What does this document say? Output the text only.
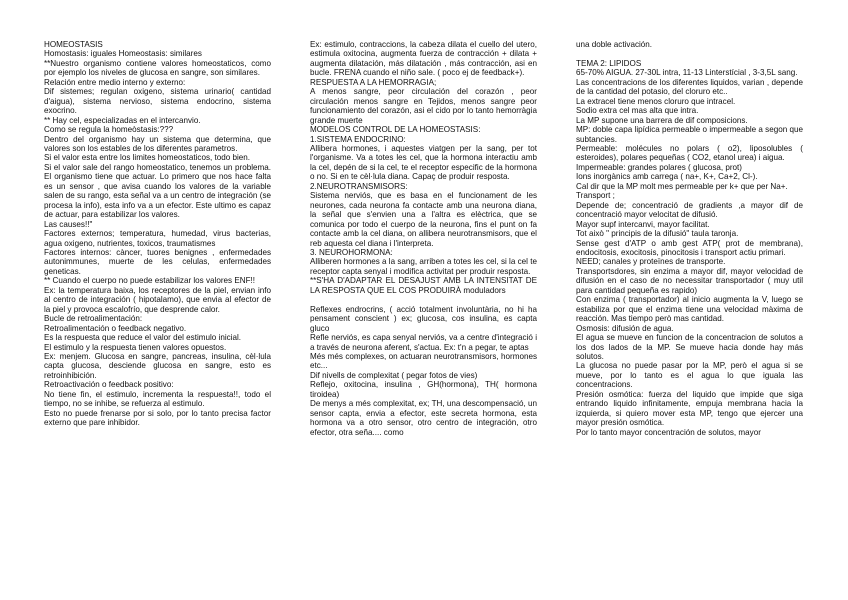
HOMEOSTASIS

Homostasis: iguales Homeostasis: similares

**Nuestro organismo contiene valores homeostaticos, como por ejemplo los niveles de glucosa en sangre, son similares.

Relación entre medio interno y externo:

Dif sistemes; regulan oxigeno, sistema urinario( cantidad d'aigua), sistema nervioso, sistema endocrino, sistema exocrino.

** Hay cel, especializadas en el intercanvio.

Como se regula la homeòstasis:???

Dentro del organismo hay un sistema que determina, que valores son los estables de los diferentes parametros.

Si el valor esta entre los limites homeostaticos, todo bien.

Si el valor sale del rango homeostatico, tenemos un problema. El organismo tiene que actuar. Lo primero que nos hace falta es un sensor , que avisa cuando los valores de la variable salen de su rango, esta señal va a un centro de integración (se procesa la info), esta info va a un efector. Este ultimo es capaz de actuar, para estabilizar los valores.

Las causes!!"

Factores externos; temperatura, humedad, virus bacterias, agua oxigeno, nutrientes, toxicos, traumatismes

Factores internos: càncer, tuores benignes , enfermedades autonimmunes, muerte de les celulas, enfermedades geneticas.

** Cuando el cuerpo no puede estabilizar los valores ENF!!

Ex: la temperatura baixa, los receptores de la piel, envian info al centro de integración ( hipotalamo), que envia al efector de la piel y provoca escalofrío, que desprende calor.

Bucle de retroalimentación:

Retroalimentación o feedback negativo.

Es la respuesta que reduce el valor del estimulo inicial.

El estimulo y la respuesta tienen valores opuestos.

Ex: menjem. Glucosa en sangre, pancreas, insulina, cèl·lula capta glucosa, desciende glucosa en sangre, esto es retroinhibición.

Retroactivación o feedback positivo:

No tiene fin, el estimulo, incrementa la respuesta!!, todo el tiempo, no se inhibe, se refuerza al estimulo.

Esto no puede frenarse por si solo, por lo tanto precisa factor externo que pare inhibidor.

Ex: estimulo, contraccions, la cabeza dilata el cuello del utero, estimula oxitocina, augmenta fuerza de contracción + dilata + augmenta dilatación, más dilatación , más contracción, asi en bucle. FRENA cuando el niño sale. ( poco ej de feedback+).

RESPUESTA A LA HEMORRAGIA;

A menos sangre, peor circulación del corazón , peor circulación menos sangre en Tejidos, menos sangre peor funcionamiento del corazón, asi el cido por lo tanto hemorràgia grande muerte

MODELOS CONTROL DE LA HOMEOSTASIS:

1.SISTEMA ENDOCRINO:

Allibera hormones, i aquestes viatgen per la sang, per tot l'organisme. Va a totes les cel, que la hormona interactiu amb la cel, depén de si la cel, te el receptor especific de la hormona o no. Si en te cèl·lula diana. Capaç de produir resposta.

2.NEUROTRANSMISORS:

Sistema nerviós, que es basa en el funcionament de les neurones, cada neurona fa contacte amb una neurona diana, la señal que s'envien una a l'altra es elèctrica, que se comunica por todo el cuerpo de la neurona, fins el punt on fa contacte amb la cel diana, on allibera neurotransmisors, que el reb aquesta cel diana i l'interpreta.

3. NEUROHORMONA:

Alliberen hormones a la sang, arriben a totes les cel, si la cel te receptor capta senyal i modifica activitat per produir resposta.

**S'HA D'ADAPTAR EL DESAJUST AMB LA INTENSITAT DE LA RESPOSTA QUE EL COS PRODUIRÀ moduladors

Reflexes endrocrins, ( acció totalment involuntària, no hi ha pensament conscient ) ex; glucosa, cos insulina, es capta gluco

Refle nerviós, es capa senyal nerviós, va a centre d'integració i a través de neurona aferent, s'actua. Ex: t'n a pegar, te aptas

Més més complexes, on actuaran neurotransmisors, hormones etc...

Dif nivells de complexitat ( pegar fotos de vies)

Reflejo, oxitocina, insulina , GH(hormona), TH( hormona tiroidea)

De menys a més complexitat, ex; TH, una descompensació, un sensor capta, envia a efector, este secreta hormona, esta hormona va a otro sensor, otro centro de integración, otro efector, otra seña.... como

una doble activación.

TEMA 2: LIPIDOS

65-70% AIGUA. 27-30L intra, 11-13 Linterstícial , 3-3,5L sang.

Las concentracions de los diferentes liquidos, varian , depende de la cantidad del potasio, del cloruro etc..

La extracel tiene menos cloruro que intracel.

Sodio extra cel mas alta que intra.

La MP supone una barrera de dif composicions.

MP: doble capa lipídica permeable o impermeable a segon que subtancies.

Permeable: molécules no polars ( o2), liposolubles ( esteroides), polares pequeñas ( CO2, etanol urea) i aigua.

Impermeable: grandes polares ( glucosa, prot)

Ions inorgànics amb carrega ( na+, K+, Ca+2, Cl-).

Cal dir que la MP molt mes permeable per k+ que per Na+.

Transport ;

Depende de; concentració de gradients ,a mayor dif de concentració mayor velocitat de difusió.

Mayor supf intercanvi, mayor facilitat.

Tot això " principis de la difusió" taula taronja.

Sense gest d'ATP o amb gest ATP( prot de membrana), endocitosis, exocitosis, pinocitosis i transport actiu primari.

NEED; canales y proteïnes de transporte.

Transportsdores, sin enzima a mayor dif, mayor velocidad de difusión en el caso de no necessitar transportador ( muy util para cantidad pequeña es rapido)

Con enzima ( transportador) al inicio augmenta la V, luego se estabiliza por que el enzima tiene una velocidad màxima de reacción. Mas tiempo però mas cantidad.

Osmosis: difusión de agua.

El agua se mueve en funcion de la concentracion de solutos a los dos lados de la MP. Se mueve hacia donde hay más solutos.

La glucosa no puede pasar por la MP, però el agua si se mueve, por lo tanto es el agua lo que iguala las concentracions.

Presión osmótica: fuerza del liquido que impide que siga entrando liquido infinitamente, empuja membrana hacia la izquierda, si quiero mover esta MP, tengo que ejercer una mayor presión osmótica.

Por lo tanto mayor concentración de solutos, mayor
